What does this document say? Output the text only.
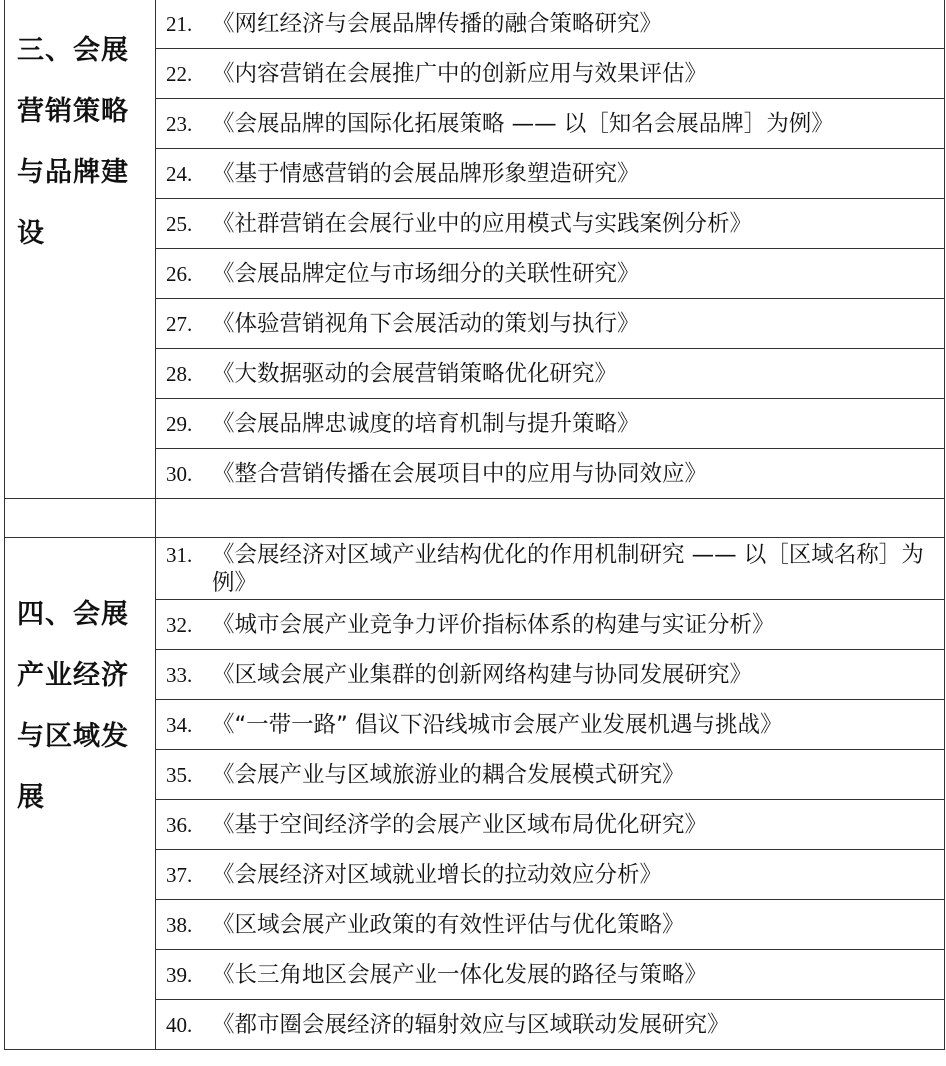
三、会展营销策略与品牌建设	21. 《网红经济与会展品牌传播的融合策略研究》

	22. 《内容营销在会展推广中的创新应用与效果评估》

	23. 《会展品牌的国际化拓展策略 —— 以［知名会展品牌］为例》

	24. 《基于情感营销的会展品牌形象塑造研究》

	25. 《社群营销在会展行业中的应用模式与实践案例分析》

	26. 《会展品牌定位与市场细分的关联性研究》

	27. 《体验营销视角下会展活动的策划与执行》

	28. 《大数据驱动的会展营销策略优化研究》

	29. 《会展品牌忠诚度的培育机制与提升策略》

	30. 《整合营销传播在会展项目中的应用与协同效应》

四、会展产业经济与区域发展	31. 《会展经济对区域产业结构优化的作用机制研究 —— 以［区域名称］为例》

	32. 《城市会展产业竞争力评价指标体系的构建与实证分析》

	33. 《区域会展产业集群的创新网络构建与协同发展研究》

	34. 《“一带一路” 倡议下沿线城市会展产业发展机遇与挑战》

	35. 《会展产业与区域旅游业的耦合发展模式研究》

	36. 《基于空间经济学的会展产业区域布局优化研究》

	37. 《会展经济对区域就业增长的拉动效应分析》

	38. 《区域会展产业政策的有效性评估与优化策略》

	39. 《长三角地区会展产业一体化发展的路径与策略》

	40. 《都市圈会展经济的辐射效应与区域联动发展研究》
